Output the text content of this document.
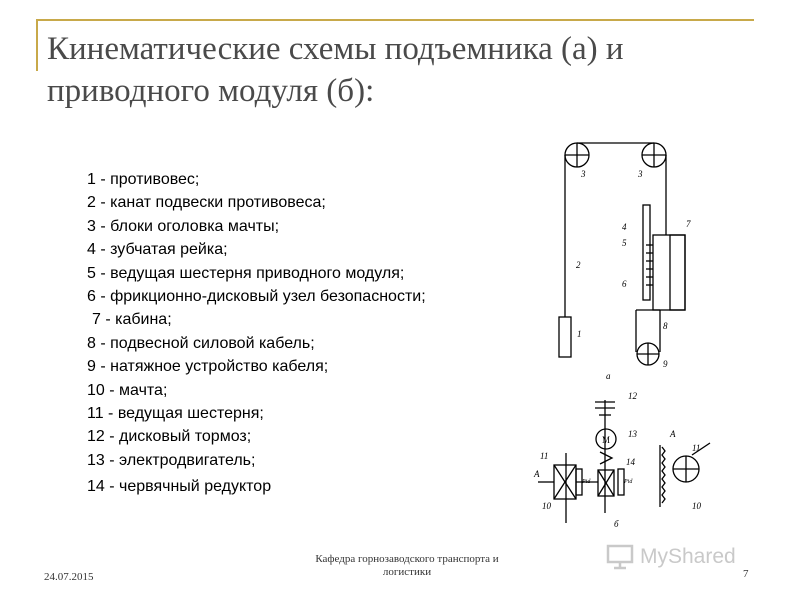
Кинематические схемы подъемника (а) и
приводного модуля (б):
1 - противовес;
2 - канат подвески противовеса;
3 - блоки оголовка мачты;
4 - зубчатая рейка;
5 - ведущая шестерня приводного модуля;
6 - фрикционно-дисковый узел безопасности;
7 - кабина;
8 - подвесной силовой кабель;
9 - натяжное устройство кабеля;
10 - мачта;
11 - ведущая шестерня;
12 - дисковый тормоз;
13 - электродвигатель;
14 - червячный редуктор
3	3
4	7
5
2
6
1
8
9
а
12
M
13
11
А
14
10
А
11
10
б
Ріd	Ріd
24.07.2015
Кафедра горнозаводского транспорта и
логистики	7
MyShared
